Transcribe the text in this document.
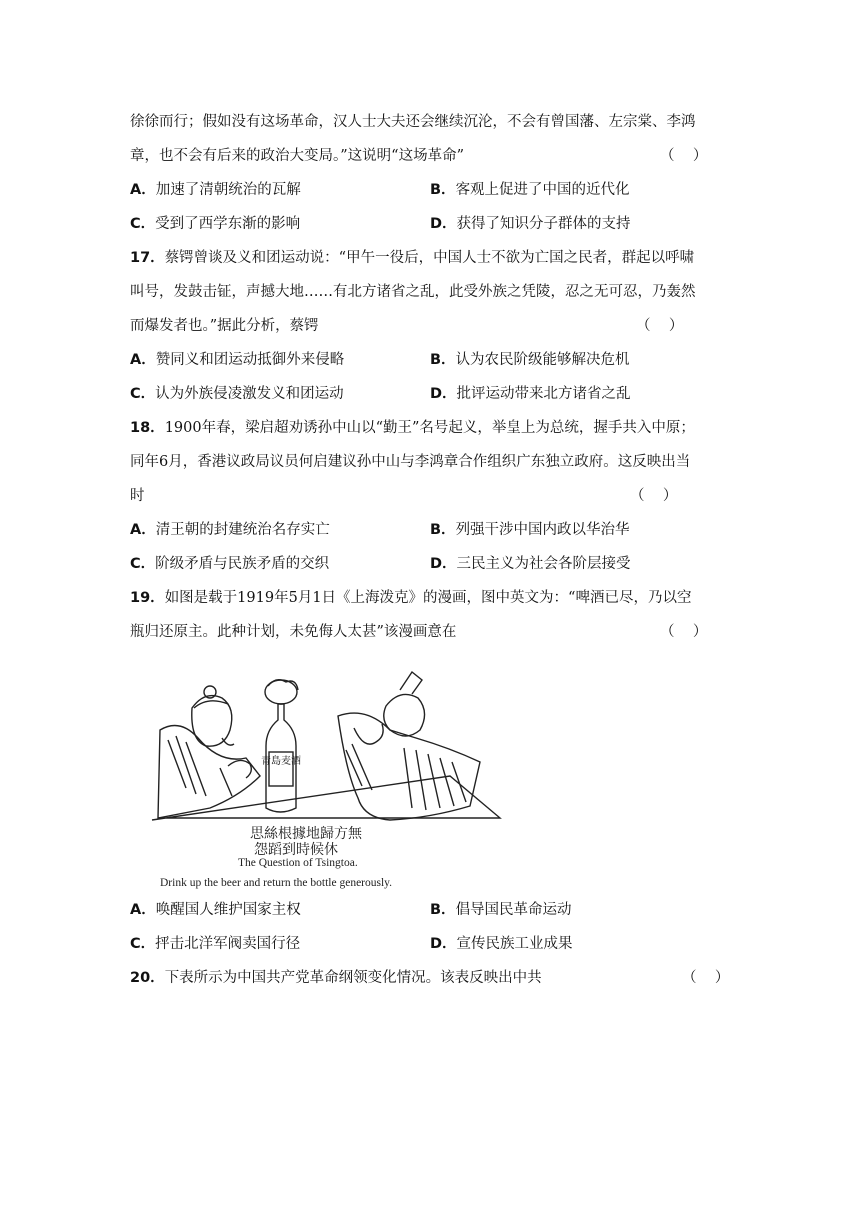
徐徐而行；假如没有这场革命，汉人士大夫还会继续沉沦，不会有曾国藩、左宗棠、李鸿
章，也不会有后来的政治大变局。”这说明“这场革命”	（    ）
A．加速了清朝统治的瓦解	B．客观上促进了中国的近代化
C．受到了西学东渐的影响	D．获得了知识分子群体的支持
17．蔡锷曾谈及义和团运动说：“甲午一役后，中国人士不欲为亡国之民者，群起以呼啸
叫号，发鼓击钲，声撼大地……有北方诸省之乱，此受外族之凭陵，忍之无可忍，乃轰然
而爆发者也。”据此分析，蔡锷	（    ）
A．赞同义和团运动抵御外来侵略	B．认为农民阶级能够解决危机
C．认为外族侵凌激发义和团运动	D．批评运动带来北方诸省之乱
18．1900年春，梁启超劝诱孙中山以“勤王”名号起义，举皇上为总统，握手共入中原；
同年6月，香港议政局议员何启建议孙中山与李鸿章合作组织广东独立政府。这反映出当
时	（    ）
A．清王朝的封建统治名存实亡	B．列强干涉中国内政以华治华
C．阶级矛盾与民族矛盾的交织	D．三民主义为社会各阶层接受
19．如图是载于1919年5月1日《上海泼克》的漫画，图中英文为：“啤酒已尽，乃以空
瓶归还原主。此种计划，未免侮人太甚”该漫画意在	（    ）
青島麦酒
思絲根據地歸方無
怨蹈到時候休
The Question of Tsingtoa.
Drink up the beer and return the bottle generously.
A．唤醒国人维护国家主权	B．倡导国民革命运动
C．抨击北洋军阀卖国行径	D．宣传民族工业成果
20．下表所示为中国共产党革命纲领变化情况。该表反映出中共	（    ）
